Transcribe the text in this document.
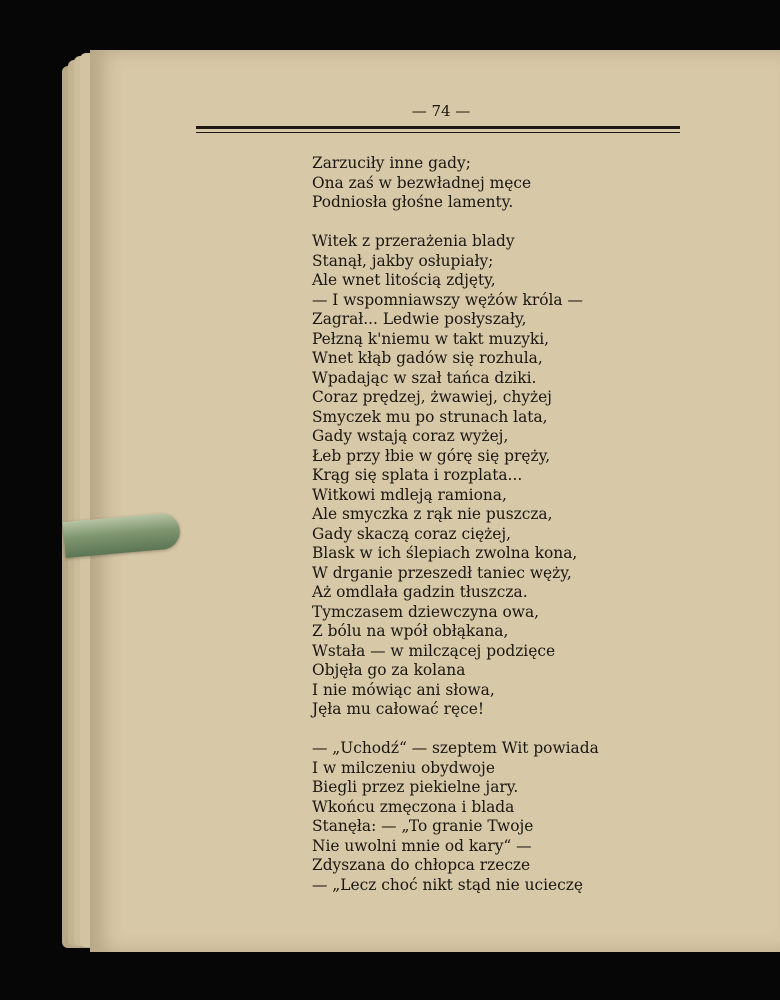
— 74 —
Zarzuciły inne gady;
Ona zaś w bezwładnej męce
Podniosła głośne lamenty.
Witek z przerażenia blady
Stanął, jakby osłupiały;
Ale wnet litością zdjęty,
— I wspomniawszy wężów króla —
Zagrał... Ledwie posłyszały,
Pełzną k'niemu w takt muzyki,
Wnet kłąb gadów się rozhula,
Wpadając w szał tańca dziki.
Coraz prędzej, żwawiej, chyżej
Smyczek mu po strunach lata,
Gady wstają coraz wyżej,
Łeb przy łbie w górę się pręży,
Krąg się splata i rozplata...
Witkowi mdleją ramiona,
Ale smyczka z rąk nie puszcza,
Gady skaczą coraz ciężej,
Blask w ich ślepiach zwolna kona,
W drganie przeszedł taniec węży,
Aż omdlała gadzin tłuszcza.
Tymczasem dziewczyna owa,
Z bólu na wpół obłąkana,
Wstała — w milczącej podzięce
Objęła go za kolana
I nie mówiąc ani słowa,
Jęła mu całować ręce!
— „Uchodź“ — szeptem Wit powiada
I w milczeniu obydwoje
Biegli przez piekielne jary.
Wkońcu zmęczona i blada
Stanęła: — „To granie Twoje
Nie uwolni mnie od kary“ —
Zdyszana do chłopca rzecze
— „Lecz choć nikt stąd nie ucieczę
